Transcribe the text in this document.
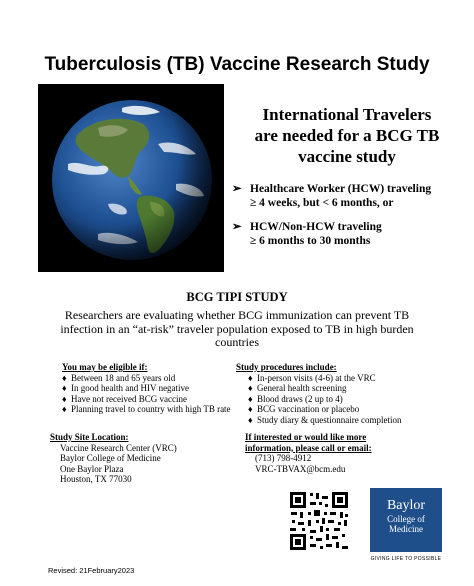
Tuberculosis (TB) Vaccine Research Study
International Travelers
are needed for a BCG TB
vaccine study
➢ Healthcare Worker (HCW) traveling
≥ 4 weeks, but < 6 months, or
➢ HCW/Non-HCW traveling
≥ 6 months to 30 months
BCG TIPI STUDY
Researchers are evaluating whether BCG immunization can prevent TB infection in an “at-risk” traveler population exposed to TB in high burden countries
You may be eligible if:
♦ Between 18 and 65 years old
♦ In good health and HIV negative
♦ Have not received BCG vaccine
♦ Planning travel to country with high TB rate
Study procedures include:
♦ In-person visits (4-6) at the VRC
♦ General health screening
♦ Blood draws (2 up to 4)
♦ BCG vaccination or placebo
♦ Study diary & questionnaire completion
Study Site Location:
Vaccine Research Center (VRC)
Baylor College of Medicine
One Baylor Plaza
Houston, TX 77030
If interested or would like more
information, please call or email:
(713) 798-4912
VRC-TBVAX@bcm.edu
Baylor
College of
Medicine
GIVING LIFE TO POSSIBLE
Revised: 21February2023
